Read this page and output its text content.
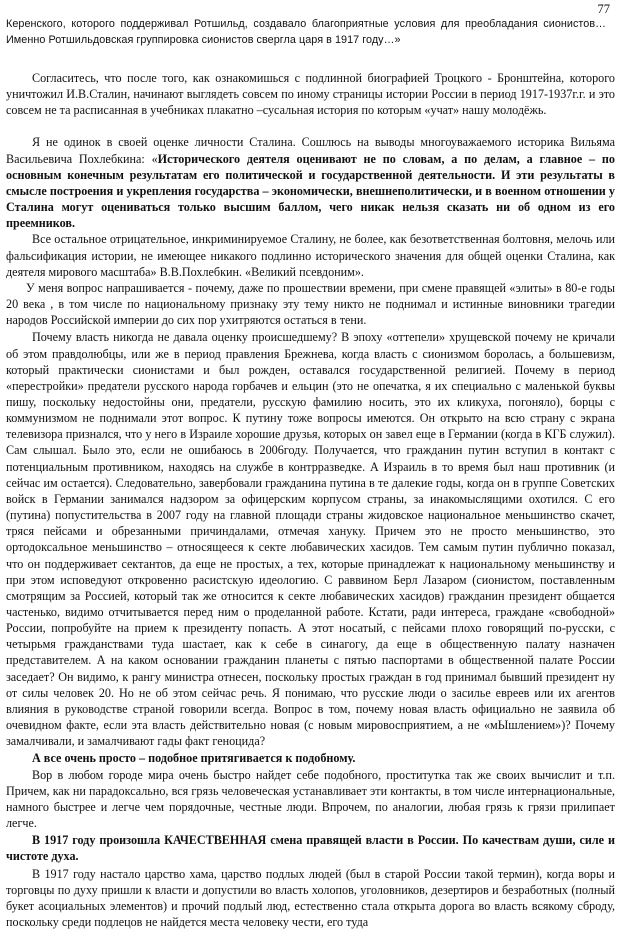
77
Керенского, которого поддерживал Ротшильд, создавало благоприятные условия для преобладания сионистов… Именно Ротшильдовская группировка сионистов свергла царя в 1917 году…»

Согласитесь, что после того, как ознакомишься с подлинной биографией Троцкого - Бронштейна, которого уничтожил И.В.Сталин, начинают выглядеть совсем по иному страницы истории России в период 1917-1937г.г. и это совсем не та расписанная в учебниках плакатно –сусальная история по которым «учат» нашу молодёжь.

Я не одинок в своей оценке личности Сталина. Сошлюсь на выводы многоуважаемого историка Вильяма Васильевича Похлебкина: «Исторического деятеля оценивают не по словам, а по делам, а главное – по основным конечным результатам его политической и государственной деятельности. И эти результаты в смысле построения и укрепления государства – экономически, внешнеполитически, и в военном отношении у Сталина могут оцениваться только высшим баллом, чего никак нельзя сказать ни об одном из его преемников.

Все остальное отрицательное, инкриминируемое Сталину, не более, как безответственная болтовня, мелочь или фальсификация истории, не имеющее никакого подлинно исторического значения для общей оценки Сталина, как деятеля мирового масштаба» В.В.Похлебкин. «Великий псевдоним».

У меня вопрос напрашивается - почему, даже по прошествии времени, при смене правящей «элиты» в 80-е годы 20 века , в том числе по национальному признаку эту тему никто не поднимал и истинные виновники трагедии народов Российской империи до сих пор ухитряются остаться в тени.

Почему власть никогда не давала оценку происшедшему? В эпоху «оттепели» хрущевской почему не кричали об этом правдолюбцы, или же в период правления Брежнева, когда власть с сионизмом боролась, а большевизм, который практически сионистами и был рожден, оставался государственной религией. Почему в период «перестройки» предатели русского народа горбачев и ельцин (это не опечатка, я их специально с маленькой буквы пишу, поскольку недостойны они, предатели, русскую фамилию носить, это их кликуха, погоняло), борцы с коммунизмом не поднимали этот вопрос. К путину тоже вопросы имеются. Он открыто на всю страну с экрана телевизора признался, что у него в Израиле хорошие друзья, которых он завел еще в Германии (когда в КГБ служил). Сам слышал. Было это, если не ошибаюсь в 2006году. Получается, что гражданин путин вступил в контакт с потенциальным противником, находясь на службе в контрразведке. А Израиль в то время был наш противник (и сейчас им остается). Следовательно, завербовали гражданина путина в те далекие годы, когда он в группе Советских войск в Германии занимался надзором за офицерским корпусом страны, за инакомыслящими охотился. С его (путина) попустительства в 2007 году на главной площади страны жидовское национальное меньшинство скачет, тряся пейсами и обрезанными причиндалами, отмечая хануку. Причем это не просто меньшинство, это ортодоксальное меньшинство – относящееся к секте любавических хасидов. Тем самым путин публично показал, что он поддерживает сектантов, да еще не простых, а тех, которые принадлежат к национальному меньшинству и при этом исповедуют откровенно расистскую идеологию. С раввином Берл Лазаром (сионистом, поставленным смотрящим за Россией, который так же относится к секте любавических хасидов) гражданин президент общается частенько, видимо отчитывается перед ним о проделанной работе. Кстати, ради интереса, граждане «свободной» России, попробуйте на прием к президенту попасть. А этот носатый, с пейсами плохо говорящий по-русски, с четырьмя гражданствами туда шастает, как к себе в синагогу, да еще в общественную палату назначен представителем. А на каком основании гражданин планеты с пятью паспортами в общественной палате России заседает? Он видимо, к рангу министра отнесен, поскольку простых граждан в год принимал бывший президент ну от силы человек 20. Но не об этом сейчас речь. Я понимаю, что русские люди о засилье евреев или их агентов влияния в руководстве страной говорили всегда. Вопрос в том, почему новая власть официально не заявила об очевидном факте, если эта власть действительно новая (с новым мировосприятием, а не «мЫшлением»)? Почему замалчивали, и замалчивают гады факт геноцида?

А все очень просто – подобное притягивается к подобному.

Вор в любом городе мира очень быстро найдет себе подобного, проститутка так же своих вычислит и т.п. Причем, как ни парадоксально, вся грязь человеческая устанавливает эти контакты, в том числе интернациональные, намного быстрее и легче чем порядочные, честные люди. Впрочем, по аналогии, любая грязь к грязи прилипает легче.

В 1917 году произошла КАЧЕСТВЕННАЯ смена правящей власти в России. По качествам души, силе и чистоте духа.

В 1917 году настало царство хама, царство подлых людей (был в старой России такой термин), когда воры и торговцы по духу пришли к власти и допустили во власть холопов, уголовников, дезертиров и безработных (полный букет асоциальных элементов) и прочий подлый люд, естественно стала открыта дорога во власть всякому сброду, поскольку среди подлецов не найдется места человеку чести, его туда
